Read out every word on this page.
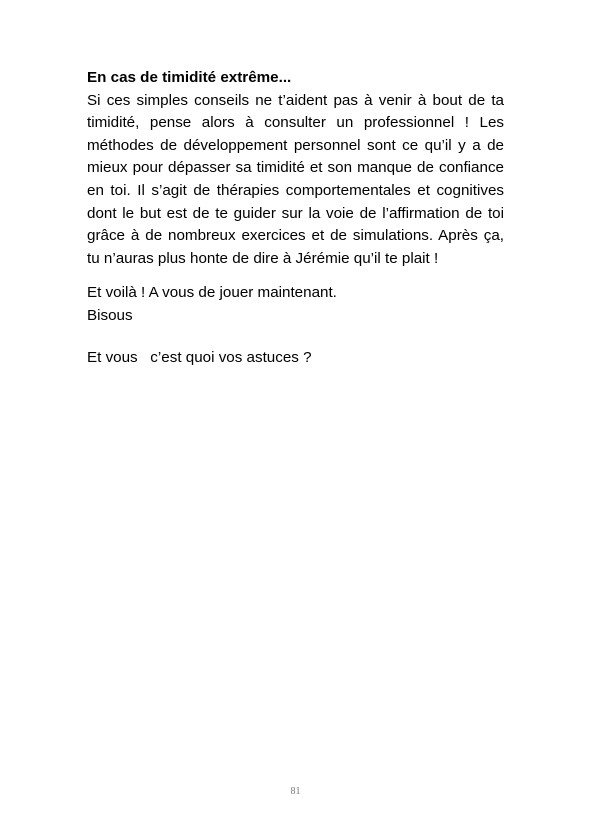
En cas de timidité extrême...

Si ces simples conseils ne t’aident pas à venir à bout de ta timidité, pense alors à consulter un professionnel ! Les méthodes de développement personnel sont ce qu’il y a de mieux pour dépasser sa timidité et son manque de confiance en toi. Il s’agit de thérapies comportementales et cognitives dont le but est de te guider sur la voie de l’affirmation de toi grâce à de nombreux exercices et de simulations. Après ça, tu n’auras plus honte de dire à Jérémie qu’il te plait !

Et voilà ! A vous de jouer maintenant.

Bisous

Et vous   c’est quoi vos astuces ?

81
